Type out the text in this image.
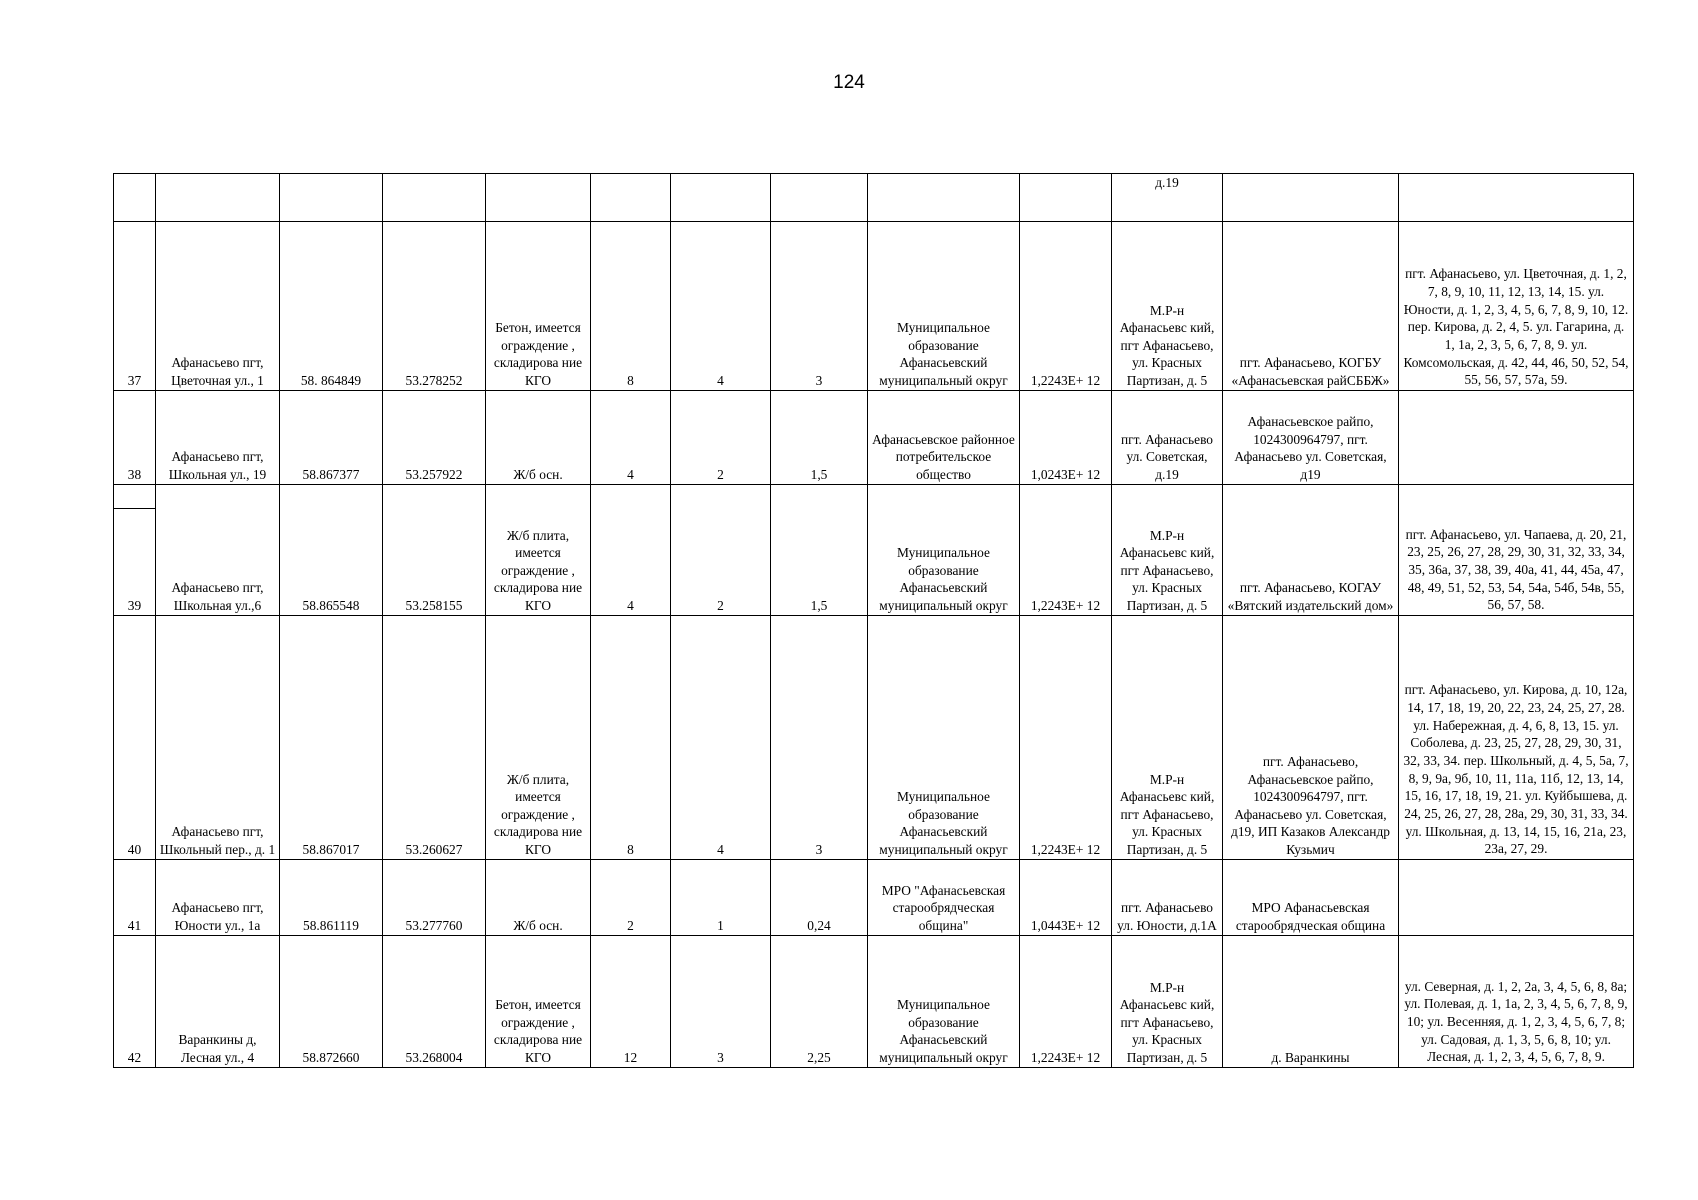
124
										д.19		
37	Афанасьево пгт, Цветочная ул., 1	58. 864849	53.278252	Бетон, имеется ограждение , складирова ние КГО	8	4	3	Муниципальное образование Афанасьевский муниципальный округ	1,2243E+ 12	М.Р-н Афанасьевс кий, пгт Афанасьево, ул. Красных Партизан, д. 5	пгт. Афанасьево, КОГБУ «Афанасьевская райСББЖ»	пгт. Афанасьево, ул. Цветочная, д. 1, 2, 7, 8, 9, 10, 11, 12, 13, 14, 15. ул. Юности, д. 1, 2, 3, 4, 5, 6, 7, 8, 9, 10, 12. пер. Кирова, д. 2, 4, 5. ул. Гагарина, д. 1, 1а, 2, 3, 5, 6, 7, 8, 9. ул. Комсомольская, д. 42, 44, 46, 50, 52, 54, 55, 56, 57, 57а, 59.
38	Афанасьево пгт, Школьная ул., 19	58.867377	53.257922	Ж/б осн.	4	2	1,5	Афанасьевское районное потребительское общество	1,0243E+ 12	пгт. Афанасьево ул. Советская, д.19	Афанасьевское райпо, 1024300964797, пгт. Афанасьево ул. Советская, д19	

39	Афанасьево пгт, Школьная ул.,6	58.865548	53.258155	Ж/б плита, имеется ограждение , складирова ние КГО	4	2	1,5	Муниципальное образование Афанасьевский муниципальный округ	1,2243E+ 12	М.Р-н Афанасьевс кий, пгт Афанасьево, ул. Красных Партизан, д. 5	пгт. Афанасьево, КОГАУ «Вятский издательский дом»	пгт. Афанасьево, ул. Чапаева, д. 20, 21, 23, 25, 26, 27, 28, 29, 30, 31, 32, 33, 34, 35, 36а, 37, 38, 39, 40а, 41, 44, 45а, 47, 48, 49, 51, 52, 53, 54, 54а, 54б, 54в, 55, 56, 57, 58.
40	Афанасьево пгт, Школьный пер., д. 1	58.867017	53.260627	Ж/б плита, имеется ограждение , складирова ние КГО	8	4	3	Муниципальное образование Афанасьевский муниципальный округ	1,2243E+ 12	М.Р-н Афанасьевс кий, пгт Афанасьево, ул. Красных Партизан, д. 5	пгт. Афанасьево, Афанасьевское райпо, 1024300964797, пгт. Афанасьево ул. Советская, д19, ИП Казаков Александр Кузьмич	пгт. Афанасьево, ул. Кирова, д. 10, 12а, 14, 17, 18, 19, 20, 22, 23, 24, 25, 27, 28. ул. Набережная, д. 4, 6, 8, 13, 15. ул. Соболева, д. 23, 25, 27, 28, 29, 30, 31, 32, 33, 34. пер. Школьный, д. 4, 5, 5а, 7, 8, 9, 9а, 9б, 10, 11, 11а, 11б, 12, 13, 14, 15, 16, 17, 18, 19, 21. ул. Куйбышева, д. 24, 25, 26, 27, 28, 28а, 29, 30, 31, 33, 34. ул. Школьная, д. 13, 14, 15, 16, 21а, 23, 23а, 27, 29.
41	Афанасьево пгт, Юности ул., 1а	58.861119	53.277760	Ж/б осн.	2	1	0,24	МРО "Афанасьевская старообрядческая община"	1,0443E+ 12	пгт. Афанасьево ул. Юности, д.1А	МРО Афанасьевская старообрядческая община	
42	Варанкины д, Лесная ул., 4	58.872660	53.268004	Бетон, имеется ограждение , складирова ние КГО	12	3	2,25	Муниципальное образование Афанасьевский муниципальный округ	1,2243E+ 12	М.Р-н Афанасьевс кий, пгт Афанасьево, ул. Красных Партизан, д. 5	д. Варанкины	ул. Северная, д. 1, 2, 2а, 3, 4, 5, 6, 8, 8а; ул. Полевая, д. 1, 1а, 2, 3, 4, 5, 6, 7, 8, 9, 10; ул. Весенняя, д. 1, 2, 3, 4, 5, 6, 7, 8; ул. Садовая, д. 1, 3, 5, 6, 8, 10; ул. Лесная, д. 1, 2, 3, 4, 5, 6, 7, 8, 9.
